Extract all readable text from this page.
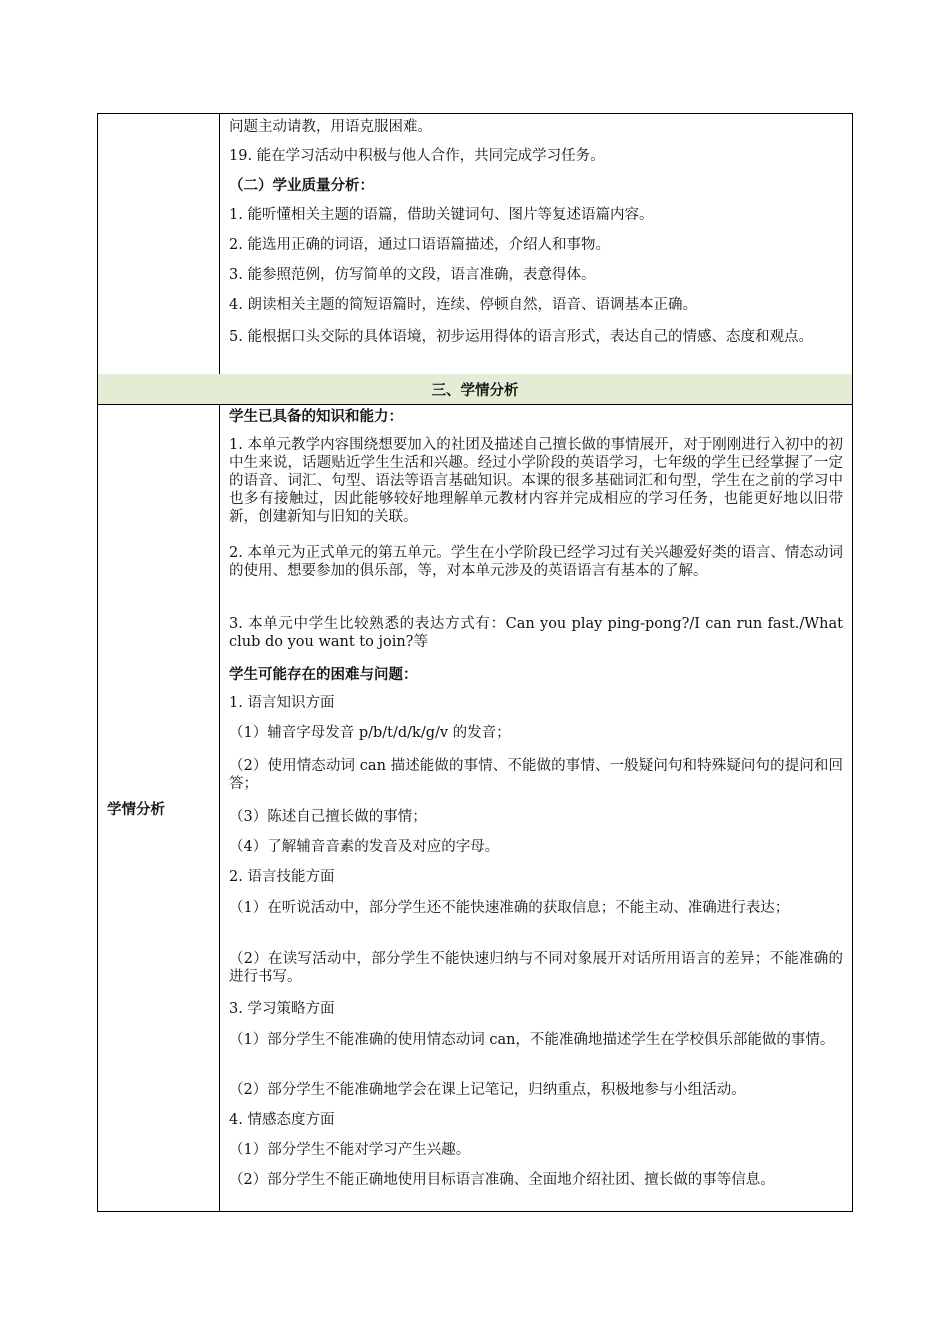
三、学情分析

问题主动请教，用语克服困难。

19. 能在学习活动中积极与他人合作，共同完成学习任务。

（二）学业质量分析：

1. 能听懂相关主题的语篇，借助关键词句、图片等复述语篇内容。

2. 能选用正确的词语，通过口语语篇描述，介绍人和事物。

3. 能参照范例，仿写简单的文段，语言准确，表意得体。

4. 朗读相关主题的简短语篇时，连续、停顿自然，语音、语调基本正确。

5. 能根据口头交际的具体语境，初步运用得体的语言形式，表达自己的情感、态度和观点。

学情分析

学生已具备的知识和能力：

1. 本单元教学内容围绕想要加入的社团及描述自己擅长做的事情展开，对于刚刚进行入初中的初中生来说，话题贴近学生生活和兴趣。经过小学阶段的英语学习，七年级的学生已经掌握了一定的语音、词汇、句型、语法等语言基础知识。本课的很多基础词汇和句型，学生在之前的学习中也多有接触过，因此能够较好地理解单元教材内容并完成相应的学习任务，也能更好地以旧带新，创建新知与旧知的关联。

2. 本单元为正式单元的第五单元。学生在小学阶段已经学习过有关兴趣爱好类的语言、情态动词的使用、想要参加的俱乐部，等，对本单元涉及的英语语言有基本的了解。

3. 本单元中学生比较熟悉的表达方式有：Can you play ping-pong?/I can run fast./What club do you want to join?等

学生可能存在的困难与问题：

1. 语言知识方面

（1）辅音字母发音 p/b/t/d/k/g/v 的发音；

（2）使用情态动词 can 描述能做的事情、不能做的事情、一般疑问句和特殊疑问句的提问和回答；

（3）陈述自己擅长做的事情；

（4）了解辅音音素的发音及对应的字母。

2. 语言技能方面

（1）在听说活动中，部分学生还不能快速准确的获取信息；不能主动、准确进行表达；

（2）在读写活动中，部分学生不能快速归纳与不同对象展开对话所用语言的差异；不能准确的进行书写。

3. 学习策略方面

（1）部分学生不能准确的使用情态动词 can，不能准确地描述学生在学校俱乐部能做的事情。

（2）部分学生不能准确地学会在课上记笔记，归纳重点，积极地参与小组活动。

4. 情感态度方面

（1）部分学生不能对学习产生兴趣。

（2）部分学生不能正确地使用目标语言准确、全面地介绍社团、擅长做的事等信息。
